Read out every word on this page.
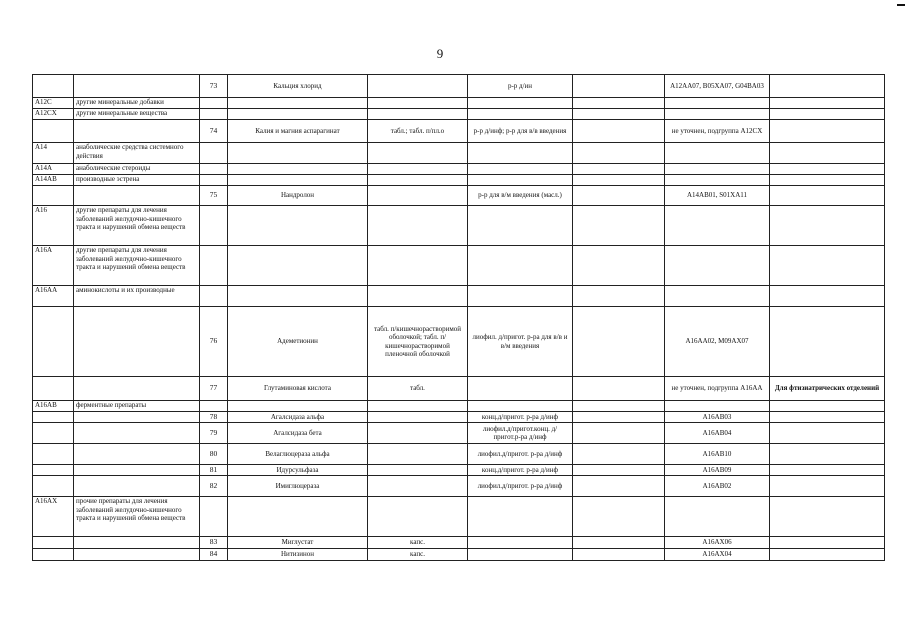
9
		73	Кальция хлорид		р-р д/ин		A12AA07, B05XA07, G04BA03	
A12C	другие минеральные добавки							
A12CX	другие минеральные вещества							
		74	Калия и магния аспарагинат	табл.; табл. п/пл.о	р-р д/инф; р-р для в/в введения		не уточнен, подгруппа A12CX	
A14	анаболические средства системного действия							
A14A	анаболические стероиды							
A14AB	производные эстрена							
		75	Нандролон		р-р для в/м введения (масл.)		A14AB01, S01XA11	
A16	другие препараты для лечения заболеваний желудочно-кишечного тракта и нарушений обмена веществ							
A16A	другие препараты для лечения заболеваний желудочно-кишечного тракта и нарушений обмена веществ							
A16AA	аминокислоты и их производные							
		76	Адеметионин	табл. п/кишечнорастворимой оболочкой; табл. п/кишечнорастворимой пленочной оболочкой	лиофил. д/пригот. р-ра для в/в и в/м введения		A16AA02, M09AX07	
		77	Глутаминовая кислота	табл.			не уточнен, подгруппа A16AA	Для фтизиатрических отделений
A16AB	ферментные препараты							
		78	Агалсидаза альфа		конц.д/пригот. р-ра д/инф		A16AB03	
		79	Агалсидаза бета		лиофил.д/пригот.конц. д/пригот.р-ра д/инф		A16AB04	
		80	Велаглюцераза альфа		лиофил.д/пригот. р-ра д/инф		A16AB10	
		81	Идурсульфаза		конц.д/пригот. р-ра д/инф		A16AB09	
		82	Имиглюцераза		лиофил.д/пригот. р-ра д/инф		A16AB02	
A16AX	прочие препараты для лечения заболеваний желудочно-кишечного тракта и нарушений обмена веществ							
		83	Миглустат	капс.			A16AX06	
		84	Нитизинон	капс.			A16AX04	
